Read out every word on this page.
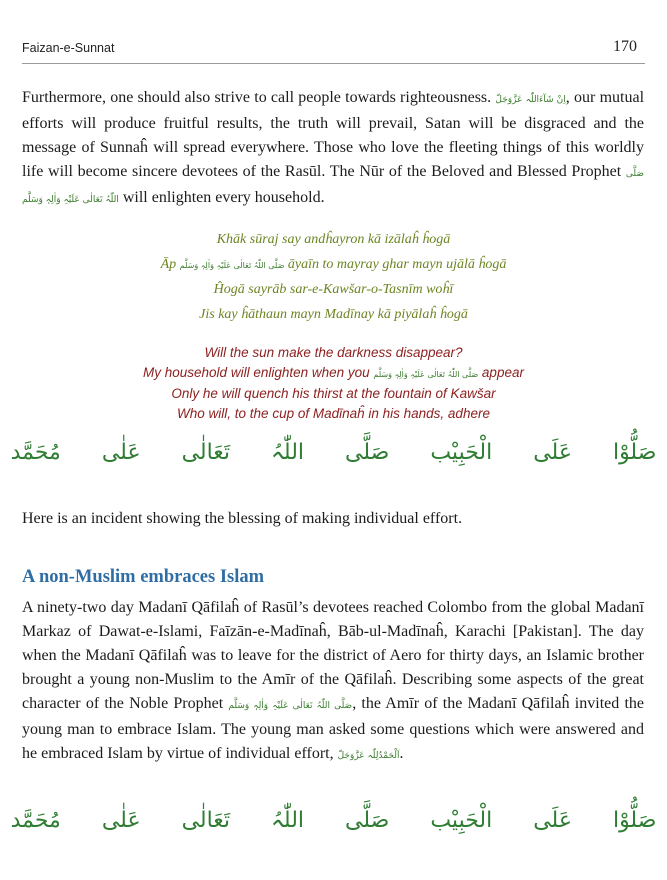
Faizan-e-Sunnat	170
Furthermore, one should also strive to call people towards righteousness. اِنْ شَآءَاللّٰہ عَزَّوَجَلّ, our mutual efforts will produce fruitful results, the truth will prevail, Satan will be disgraced and the message of Sunnaĥ will spread everywhere. Those who love the fleeting things of this worldly life will become sincere devotees of the Rasūl. The Nūr of the Beloved and Blessed Prophet صَلَّی اللّٰہُ تَعَالٰی عَلَیْہِ وَاٰلِہٖ وَسَلَّم will enlighten every household.

Khāk sūraj say andĥayron kā izālaĥ ĥogā

Āp صَلَّی اللّٰہُ تَعَالٰی عَلَیْہِ وَاٰلِہٖ وَسَلَّم āyaīn to mayray ghar mayn ujālā ĥogā

Ĥogā sayrāb sar-e-Kawšar-o-Tasnīm woĥī

Jis kay ĥāthaun mayn Madīnay kā piyālaĥ ĥogā

Will the sun make the darkness disappear?

My household will enlighten when you صَلَّی اللّٰہُ تَعَالٰی عَلَیْہِ وَاٰلِہٖ وَسَلَّم appear

Only he will quench his thirst at the fountain of Kawšar

Who will, to the cup of Madīnaĥ in his hands, adhere

صَلُّوْا عَلَی الْحَبِیْب صَلَّی اللّٰہُ تَعَالٰی عَلٰی مُحَمَّد
Here is an incident showing the blessing of making individual effort.
A non-Muslim embraces Islam
A ninety-two day Madanī Qāfilaĥ of Rasūl’s devotees reached Colombo from the global Madanī Markaz of Dawat-e-Islami, Faīzān-e-Madīnaĥ, Bāb-ul-Madīnaĥ, Karachi [Pakistan]. The day when the Madanī Qāfilaĥ was to leave for the district of Aero for thirty days, an Islamic brother brought a young non-Muslim to the Amīr of the Qāfilaĥ. Describing some aspects of the great character of the Noble Prophet صَلَّی اللّٰہُ تَعَالٰی عَلَیْہِ وَاٰلِہٖ وَسَلَّم, the Amīr of the Madanī Qāfilaĥ invited the young man to embrace Islam. The young man asked some questions which were answered and he embraced Islam by virtue of individual effort, اَلْحَمْدُلِلّٰہ عَزَّوَجَلّ.
صَلُّوْا عَلَی الْحَبِیْب صَلَّی اللّٰہُ تَعَالٰی عَلٰی مُحَمَّد
